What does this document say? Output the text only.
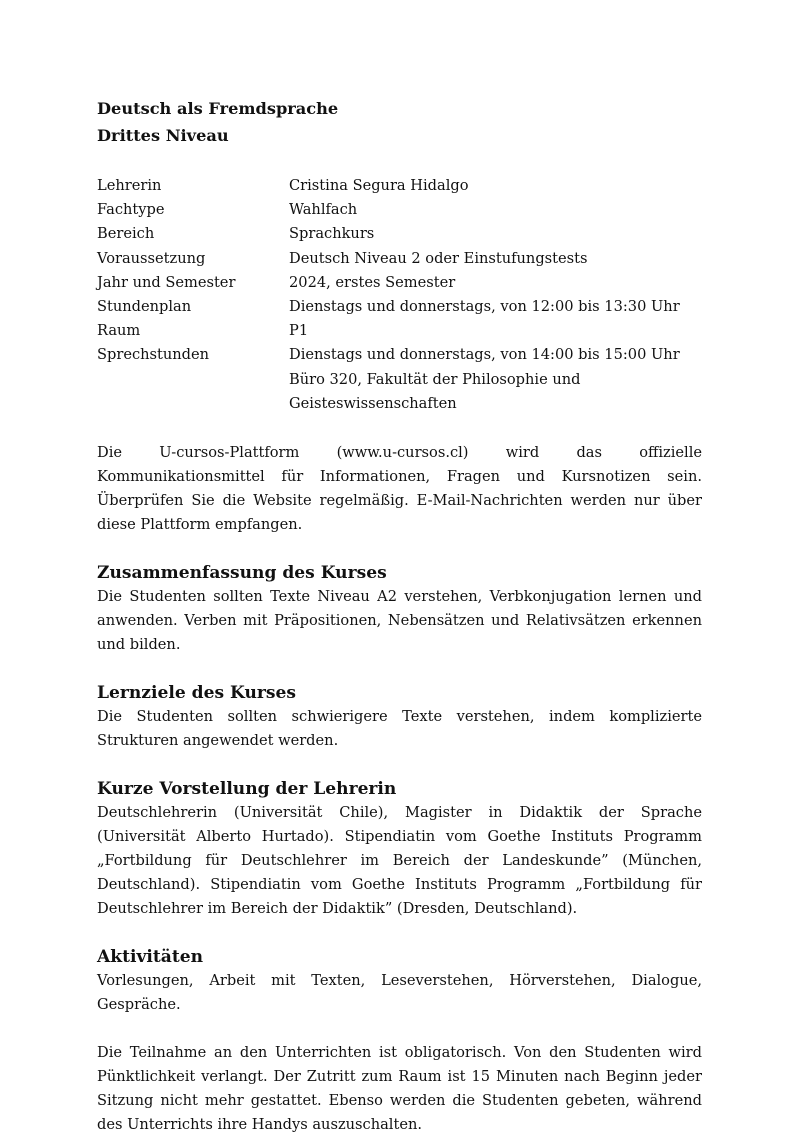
Deutsch als Fremdsprache

Drittes Niveau

Lehrerin	Cristina Segura Hidalgo
Fachtype	Wahlfach
Bereich	Sprachkurs
Voraussetzung	Deutsch Niveau 2 oder Einstufungstests
Jahr und Semester	2024, erstes Semester
Stundenplan	Dienstags und donnerstags, von 12:00 bis 13:30 Uhr
Raum	P1
Sprechstunden	Dienstags und donnerstags, von 14:00 bis 15:00 Uhr
	Büro 320, Fakultät der Philosophie und Geisteswissenschaften

Die U-cursos-Plattform (www.u-cursos.cl) wird das offizielle Kommunikationsmittel für Informationen, Fragen und Kursnotizen sein. Überprüfen Sie die Website regelmäßig. E-Mail-Nachrichten werden nur über diese Plattform empfangen.

Zusammenfassung des Kurses

Die Studenten sollten Texte Niveau A2 verstehen, Verbkonjugation lernen und anwenden. Verben mit Präpositionen, Nebensätzen und Relativsätzen erkennen und bilden.

Lernziele des Kurses

Die Studenten sollten schwierigere Texte verstehen, indem komplizierte Strukturen angewendet werden.

Kurze Vorstellung der Lehrerin

Deutschlehrerin (Universität Chile), Magister in Didaktik der Sprache (Universität Alberto Hurtado). Stipendiatin vom Goethe Instituts Programm „Fortbildung für Deutschlehrer im Bereich der Landeskunde” (München, Deutschland). Stipendiatin vom Goethe Instituts Programm „Fortbildung für Deutschlehrer im Bereich der Didaktik” (Dresden, Deutschland).

Aktivitäten

Vorlesungen, Arbeit mit Texten, Leseverstehen, Hörverstehen, Dialogue, Gespräche.

Die Teilnahme an den Unterrichten ist obligatorisch. Von den Studenten wird Pünktlichkeit verlangt. Der Zutritt zum Raum ist 15 Minuten nach Beginn jeder Sitzung nicht mehr gestattet. Ebenso werden die Studenten gebeten, während des Unterrichts ihre Handys auszuschalten.
